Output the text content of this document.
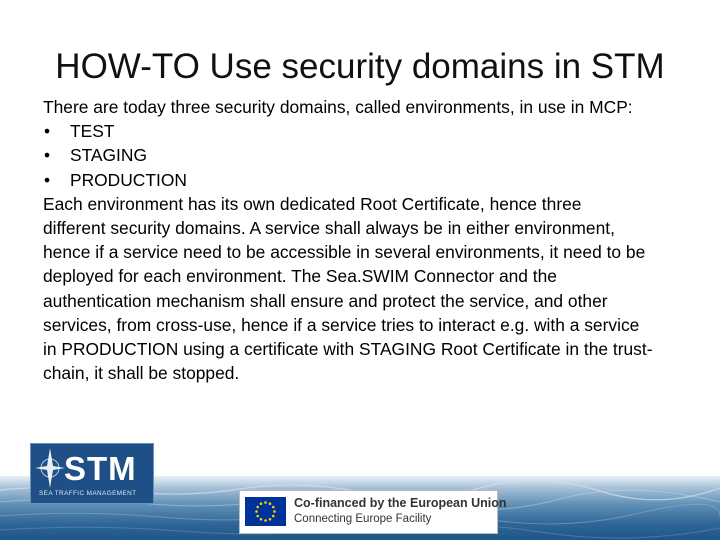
HOW-TO Use security domains in STM

There are today three security domains, called environments, in use in MCP:

• TEST
• STAGING
• PRODUCTION

Each environment has its own dedicated Root Certificate, hence three

different security domains. A service shall always be in either environment,

hence if a service need to be accessible in several environments, it need to be

deployed for each environment. The Sea.SWIM Connector and the

authentication mechanism shall ensure and protect the service, and other

services, from cross-use, hence if a service tries to interact e.g. with a service

in PRODUCTION using a certificate with STAGING Root Certificate in the trust-

chain, it shall be stopped.

STM
SEA TRAFFIC MANAGEMENT
Co-financed by the European Union
Connecting Europe Facility
